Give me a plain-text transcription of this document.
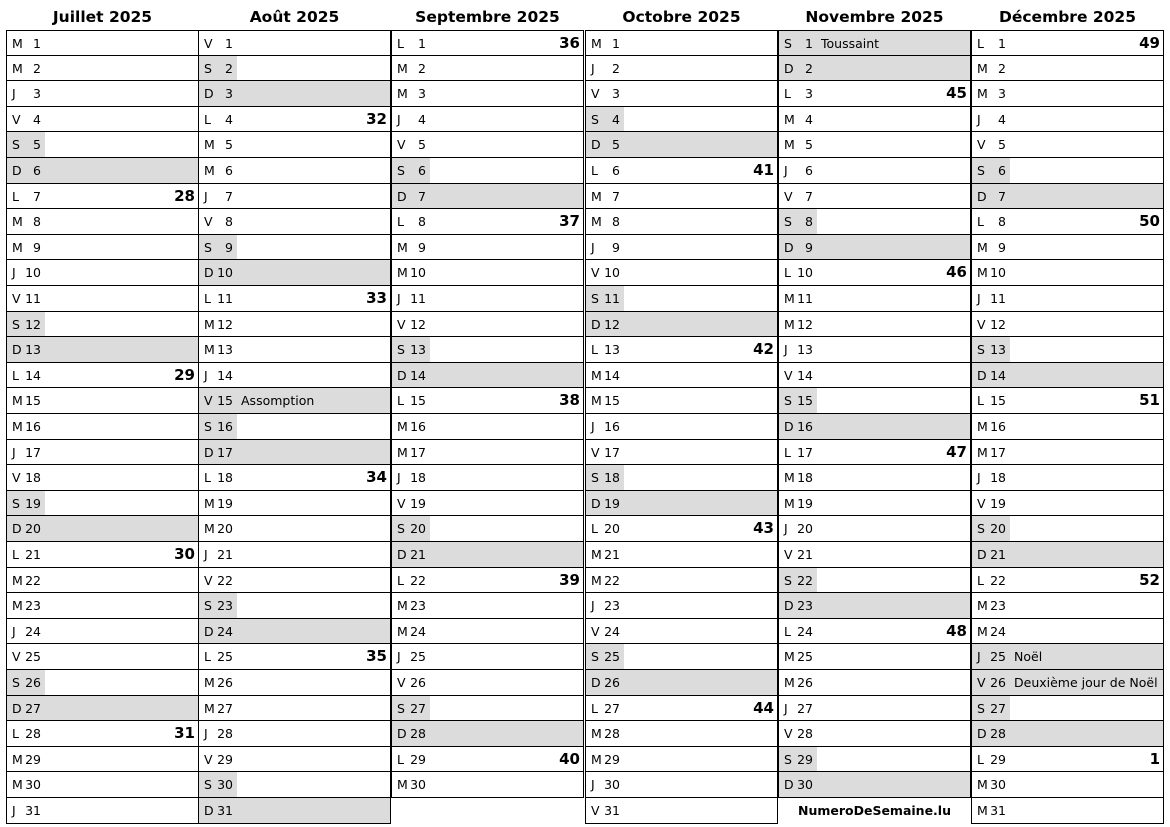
Juillet 2025
M 1
M 2
J	3
V 4
S	5
D 6
L	7	28
M 8
M 9
J 10
V 11
S 12
D 13
L 14	29
M 15
M 16
J 17
V 18
S 19
D 20
L 21	30
M 22
M 23
J 24
V 25
S 26
D 27
L 28	31
M 29
M 30
J 31
Août 2025
V 1
S	2
D 3
L	4	32
M 5
M 6
J	7
V 8
S	9
D 10
L 11	33
M 12
M 13
J 14
V 15 Assomption
S 16
D 17
L 18	34
M 19
M 20
J 21
V 22
S 23
D 24
L 25	35
M 26
M 27
J 28
V 29
S 30
D 31
Septembre 2025
L	1	36
M 2
M 3
J	4
V 5
S	6
D 7
L	8	37
M 9
M 10
J 11
V 12
S 13
D 14
L 15	38
M 16
M 17
J 18
V 19
S 20
D 21
L 22	39
M 23
M 24
J 25
V 26
S 27
D 28
L 29	40
M 30
Octobre 2025
M 1
J	2
V 3
S	4
D 5
L	6	41
M 7
M 8
J	9
V 10
S 11
D 12
L 13	42
M 14
M 15
J 16
V 17
S 18
D 19
L 20	43
M 21
M 22
J 23
V 24
S 25
D 26
L 27	44
M 28
M 29
J 30
V 31
Novembre 2025
S	1 Toussaint
D 2
L	3	45
M 4
M 5
J	6
V 7
S	8
D 9
L 10	46
M 11
M 12
J 13
V 14
S 15
D 16
L 17	47
M 18
M 19
J 20
V 21
S 22
D 23
L 24	48
M 25
M 26
J 27
V 28
S 29
D 30
Décembre 2025
L	1	49
M 2
M 3
J	4
V 5
S	6
D 7
L	8	50
M 9
M 10
J 11
V 12
S 13
D 14
L 15	51
M 16
M 17
J 18
V 19
S 20
D 21
L 22	52
M 23
M 24
J 25 Noël
V 26 Deuxième jour de Noël
S 27
D 28
L 29	1
M 30
M 31
NumeroDeSemaine.lu
